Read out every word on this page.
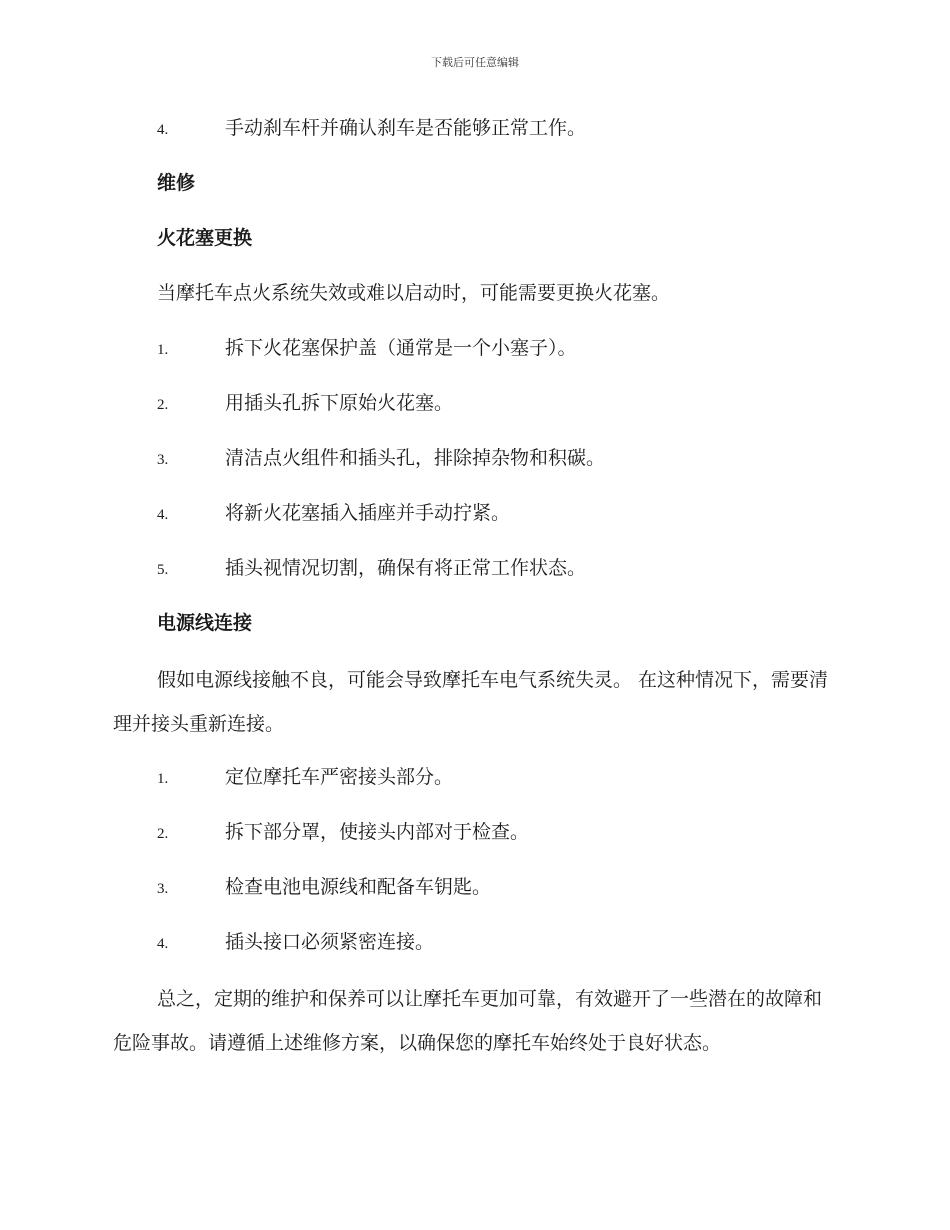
下载后可任意编辑
4.	手动刹车杆并确认刹车是否能够正常工作。
维修
火花塞更换
当摩托车点火系统失效或难以启动时，可能需要更换火花塞。
1.	拆下火花塞保护盖（通常是一个小塞子）。
2.	用插头孔拆下原始火花塞。
3.	清洁点火组件和插头孔，排除掉杂物和积碳。
4.	将新火花塞插入插座并手动拧紧。
5.	插头视情况切割，确保有将正常工作状态。
电源线连接
假如电源线接触不良，可能会导致摩托车电气系统失灵。 在这种情况下，需要清理并接头重新连接。
1.	定位摩托车严密接头部分。
2.	拆下部分罩，使接头内部对于检查。
3.	检查电池电源线和配备车钥匙。
4.	插头接口必须紧密连接。
总之，定期的维护和保养可以让摩托车更加可靠，有效避开了一些潜在的故障和危险事故。请遵循上述维修方案，以确保您的摩托车始终处于良好状态。
